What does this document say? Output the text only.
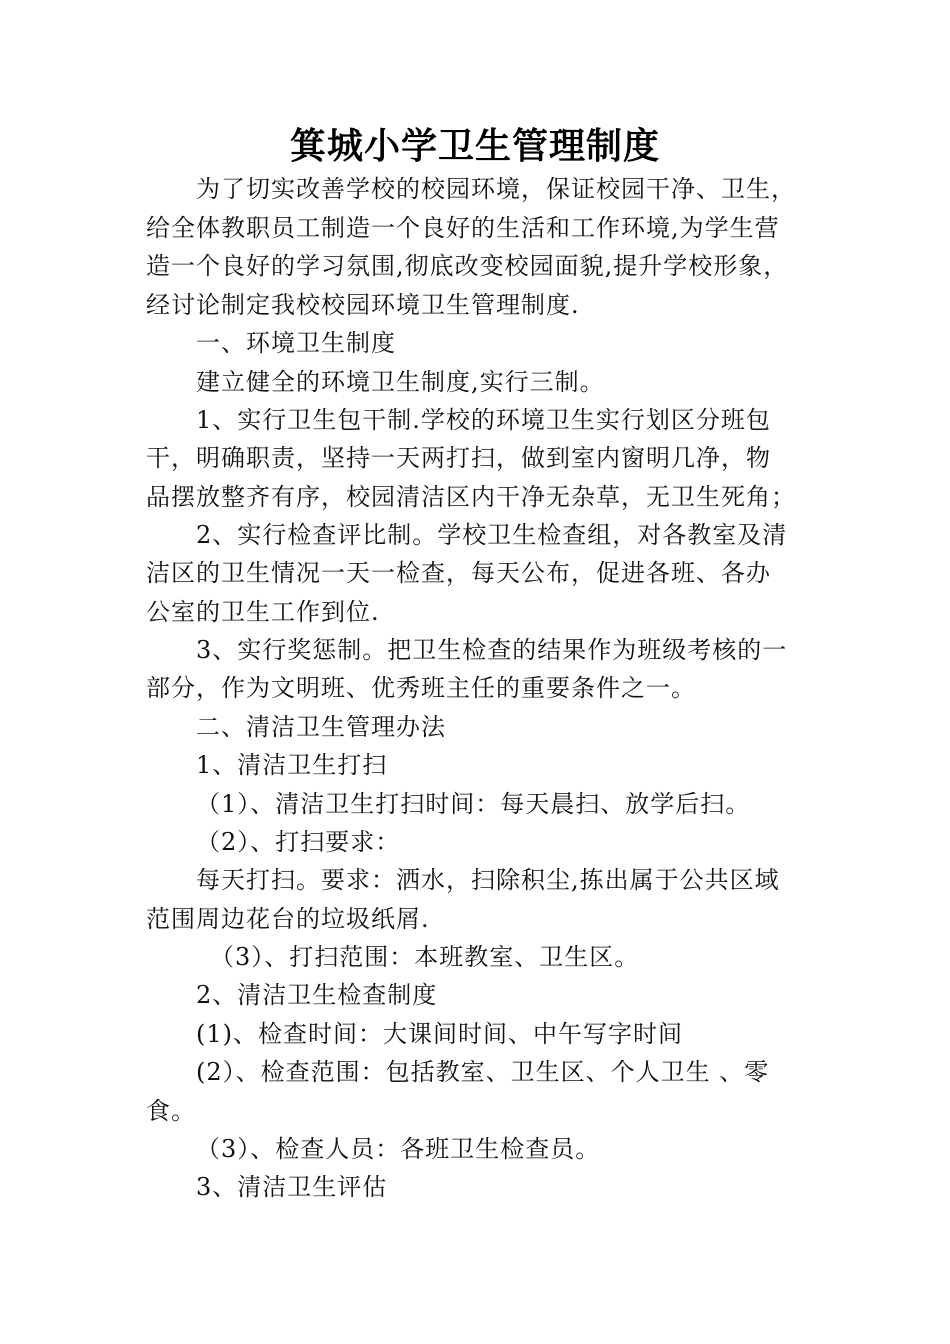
箕城小学卫生管理制度
为了切实改善学校的校园环境，保证校园干净、卫生，
给全体教职员工制造一个良好的生活和工作环境,为学生营
造一个良好的学习氛围,彻底改变校园面貌,提升学校形象，
经讨论制定我校校园环境卫生管理制度.
一、环境卫生制度
建立健全的环境卫生制度,实行三制。
1、实行卫生包干制.学校的环境卫生实行划区分班包
干，明确职责，坚持一天两打扫，做到室内窗明几净，物
品摆放整齐有序，校园清洁区内干净无杂草，无卫生死角；
2、实行检查评比制。学校卫生检查组，对各教室及清
洁区的卫生情况一天一检查，每天公布，促进各班、各办
公室的卫生工作到位.
3、实行奖惩制。把卫生检查的结果作为班级考核的一
部分，作为文明班、优秀班主任的重要条件之一。
二、清洁卫生管理办法
1、清洁卫生打扫
（1）、清洁卫生打扫时间：每天晨扫、放学后扫。
（2）、打扫要求：
每天打扫。要求：洒水，扫除积尘,拣出属于公共区域
范围周边花台的垃圾纸屑.
（3）、打扫范围：本班教室、卫生区。
2、清洁卫生检查制度
(1)、检查时间：大课间时间、中午写字时间
(2）、检查范围：包括教室、卫生区、个人卫生 、零
食。
（3）、检查人员：各班卫生检查员。
3、清洁卫生评估
